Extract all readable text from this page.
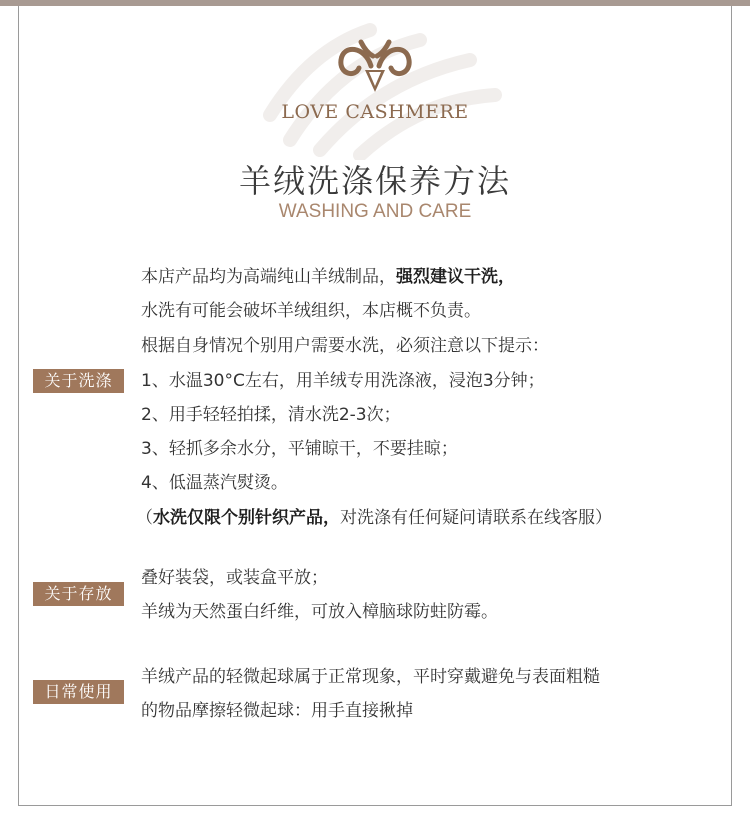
LOVE CASHMERE
羊绒洗涤保养方法
WASHING AND CARE
关于洗涤
本店产品均为高端纯山羊绒制品，强烈建议干洗，
水洗有可能会破坏羊绒组织，本店概不负责。
根据自身情况个别用户需要水洗，必须注意以下提示：
1、水温30°C左右，用羊绒专用洗涤液，浸泡3分钟；
2、用手轻轻拍揉，清水洗2-3次；
3、轻抓多余水分，平铺晾干，不要挂晾；
4、低温蒸汽熨烫。
（水洗仅限个别针织产品，对洗涤有任何疑问请联系在线客服）
关于存放
叠好装袋，或装盒平放；
羊绒为天然蛋白纤维，可放入樟脑球防蛀防霉。
日常使用
羊绒产品的轻微起球属于正常现象，平时穿戴避免与表面粗糙
的物品摩擦轻微起球：用手直接揪掉
